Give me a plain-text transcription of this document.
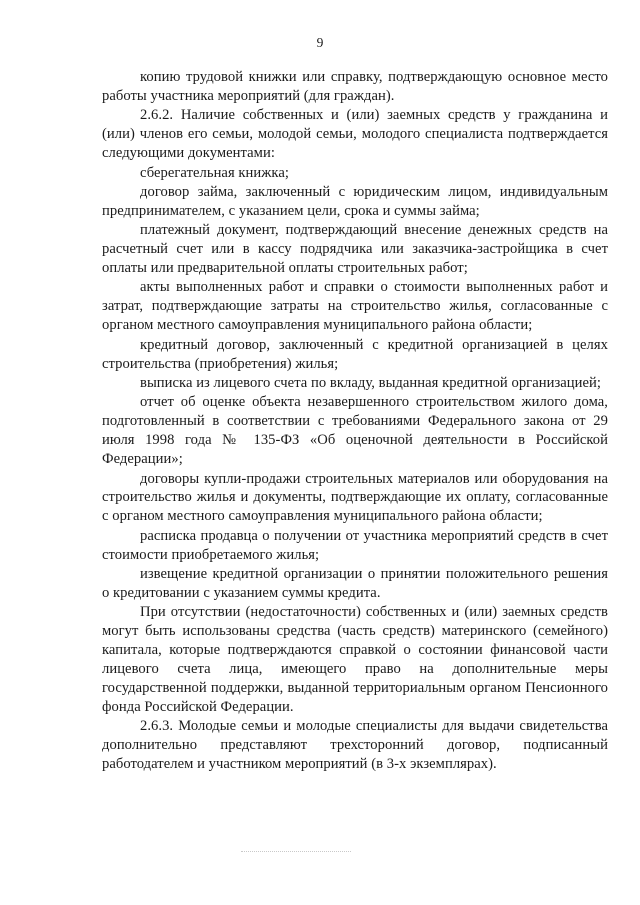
9

копию трудовой книжки или справку, подтверждающую основное место работы участника мероприятий (для граждан).

2.6.2. Наличие собственных и (или) заемных средств у гражданина и (или) членов его семьи, молодой семьи, молодого специалиста подтверждается следующими документами:

сберегательная книжка;

договор займа, заключенный с юридическим лицом, индивидуальным предпринимателем, с указанием цели, срока и суммы займа;

платежный документ, подтверждающий внесение денежных средств на расчетный счет или в кассу подрядчика или заказчика-застройщика в счет оплаты или предварительной оплаты строительных работ;

акты выполненных работ и справки о стоимости выполненных работ и затрат, подтверждающие затраты на строительство жилья, согласованные с органом местного самоуправления муниципального района области;

кредитный договор, заключенный с кредитной организацией в целях строительства (приобретения) жилья;

выписка из лицевого счета по вкладу, выданная кредитной организацией;

отчет об оценке объекта незавершенного строительством жилого дома, подготовленный в соответствии с требованиями Федерального закона от 29 июля 1998 года № 135-ФЗ «Об оценочной деятельности в Российской Федерации»;

договоры купли-продажи строительных материалов или оборудования на строительство жилья и документы, подтверждающие их оплату, согласованные с органом местного самоуправления муниципального района области;

расписка продавца о получении от участника мероприятий средств в счет стоимости приобретаемого жилья;

извещение кредитной организации о принятии положительного решения о кредитовании с указанием суммы кредита.

При отсутствии (недостаточности) собственных и (или) заемных средств могут быть использованы средства (часть средств) материнского (семейного) капитала, которые подтверждаются справкой о состоянии финансовой части лицевого счета лица, имеющего право на дополнительные меры государственной поддержки, выданной территориальным органом Пенсионного фонда Российской Федерации.

2.6.3. Молодые семьи и молодые специалисты для выдачи свидетельства дополнительно представляют трехсторонний договор, подписанный работодателем и участником мероприятий (в 3-х экземплярах).
